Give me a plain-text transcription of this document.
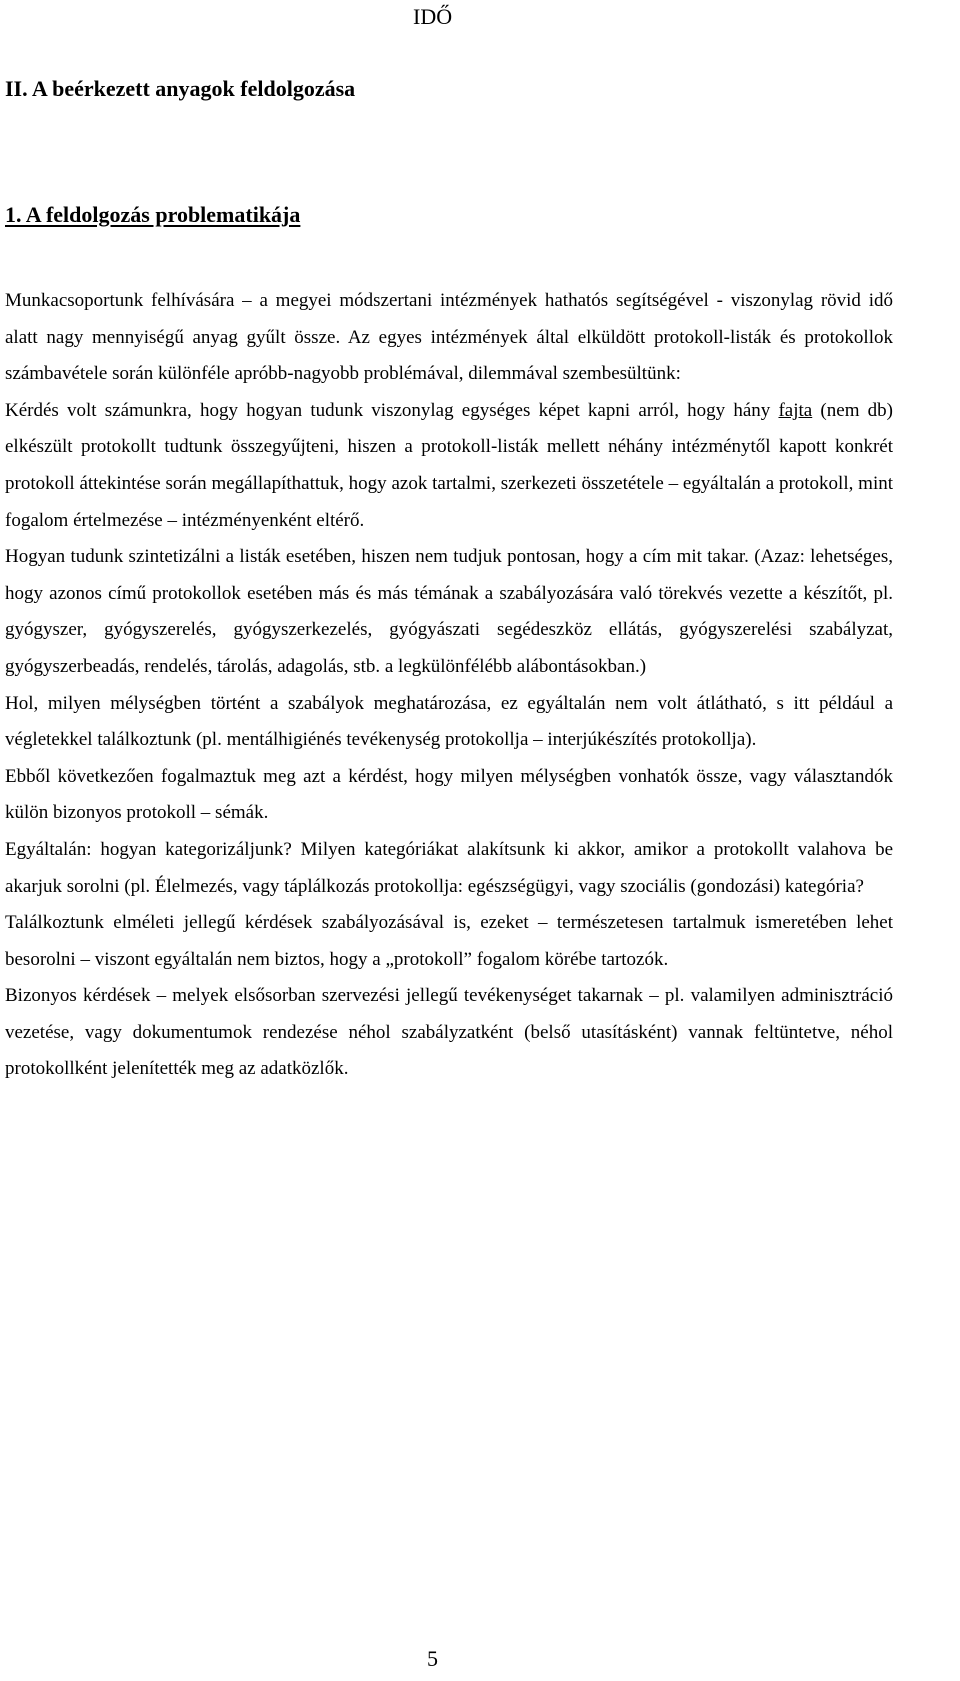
IDŐ
II. A beérkezett anyagok feldolgozása
1. A feldolgozás problematikája

Munkacsoportunk felhívására – a megyei módszertani intézmények hathatós segítségével - viszonylag rövid idő alatt nagy mennyiségű anyag gyűlt össze. Az egyes intézmények által elküldött protokoll-listák és protokollok számbavétele során különféle apróbb-nagyobb problémával, dilemmával szembesültünk:

Kérdés volt számunkra, hogy hogyan tudunk viszonylag egységes képet kapni arról, hogy hány fajta (nem db) elkészült protokollt tudtunk összegyűjteni, hiszen a protokoll-listák mellett néhány intézménytől kapott konkrét protokoll áttekintése során megállapíthattuk, hogy azok tartalmi, szerkezeti összetétele – egyáltalán a protokoll, mint fogalom értelmezése – intézményenként eltérő.

Hogyan tudunk szintetizálni a listák esetében, hiszen nem tudjuk pontosan, hogy a cím mit takar. (Azaz: lehetséges, hogy azonos című protokollok esetében más és más témának a szabályozására való törekvés vezette a készítőt, pl. gyógyszer, gyógyszerelés, gyógyszerkezelés, gyógyászati segédeszköz ellátás, gyógyszerelési szabályzat, gyógyszerbeadás, rendelés, tárolás, adagolás, stb. a legkülönfélébb alábontásokban.)

Hol, milyen mélységben történt a szabályok meghatározása, ez egyáltalán nem volt átlátható, s itt például a végletekkel találkoztunk (pl. mentálhigiénés tevékenység protokollja – interjúkészítés protokollja).

Ebből következően fogalmaztuk meg azt a kérdést, hogy milyen mélységben vonhatók össze, vagy választandók külön bizonyos protokoll – sémák.

Egyáltalán: hogyan kategorizáljunk? Milyen kategóriákat alakítsunk ki akkor, amikor a protokollt valahova be akarjuk sorolni (pl. Élelmezés, vagy táplálkozás protokollja: egészségügyi, vagy szociális (gondozási) kategória?

Találkoztunk elméleti jellegű kérdések szabályozásával is, ezeket – természetesen tartalmuk ismeretében lehet besorolni – viszont egyáltalán nem biztos, hogy a „protokoll” fogalom körébe tartozók.

Bizonyos kérdések – melyek elsősorban szervezési jellegű tevékenységet takarnak – pl. valamilyen adminisztráció vezetése, vagy dokumentumok rendezése néhol szabályzatként (belső utasításként) vannak feltüntetve, néhol protokollként jelenítették meg az adatközlők.

5
